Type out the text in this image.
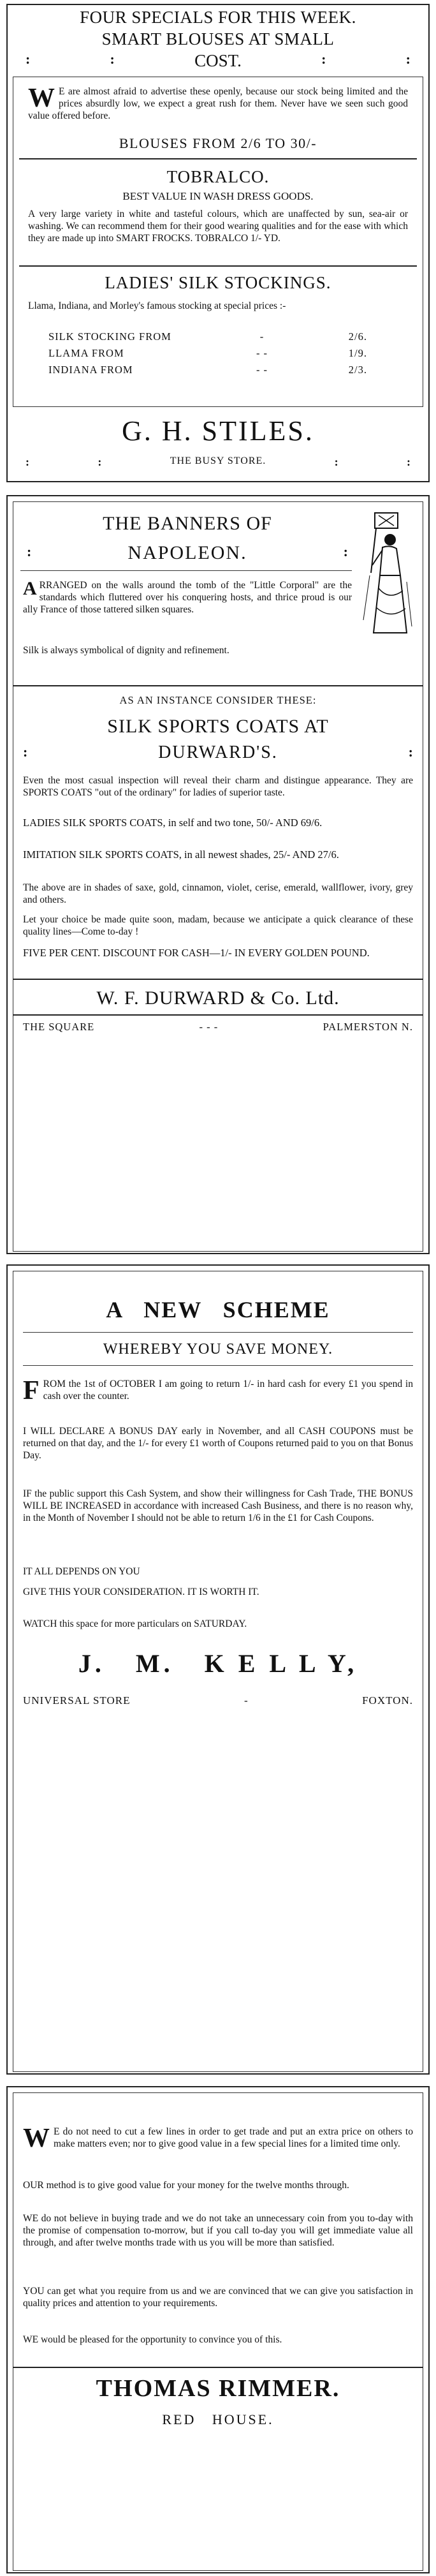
FOUR SPECIALS FOR THIS WEEK.
SMART BLOUSES AT SMALL
:	:	COST.	:	:
W E are almost afraid to advertise these openly, because our stock being limited and the prices absurdly low, we expect a great rush for them. Never have we seen such good value offered before.
BLOUSES FROM 2/6 TO 30/-
TOBRALCO.
BEST VALUE IN WASH DRESS GOODS.
A very large variety in white and tasteful colours, which are unaffected by sun, sea-air or washing. We can recommend them for their good wearing qualities and for the ease with which they are made up into SMART FROCKS. TOBRALCO 1/- YD.
LADIES' SILK STOCKINGS.
Llama, Indiana, and Morley's famous stocking at special prices :-
SILK STOCKING FROM	-	2/6.
LLAMA FROM	- -	1/9.
INDIANA FROM	- -	2/3.
G. H. STILES.
:	:	THE BUSY STORE.	:	:
THE BANNERS OF
NAPOLEON.
:	:
ARRANGED on the walls around the tomb of the "Little Corporal" are the standards which fluttered over his conquering hosts, and thrice proud is our ally France of those tattered silken squares.
Silk is always symbolical of dignity and refinement.
AS AN INSTANCE CONSIDER THESE:
SILK SPORTS COATS AT
DURWARD'S.
:	:
Even the most casual inspection will reveal their charm and distingue appearance. They are SPORTS COATS "out of the ordinary" for ladies of superior taste.
LADIES SILK SPORTS COATS, in self and two tone, 50/- AND 69/6.
IMITATION SILK SPORTS COATS, in all newest shades, 25/- AND 27/6.
The above are in shades of saxe, gold, cinnamon, violet, cerise, emerald, wallflower, ivory, grey and others.
Let your choice be made quite soon, madam, because we anticipate a quick clearance of these quality lines—Come to-day !
FIVE PER CENT. DISCOUNT FOR CASH—1/- IN EVERY GOLDEN POUND.
W. F. DURWARD & Co. Ltd.
THE SQUARE	- - -	PALMERSTON N.
A   NEW   SCHEME
WHEREBY YOU SAVE MONEY.
FROM the 1st of OCTOBER I am going to return 1/- in hard cash for every £1 you spend in cash over the counter.
I WILL DECLARE A BONUS DAY early in November, and all CASH COUPONS must be returned on that day, and the 1/- for every £1 worth of Coupons returned paid to you on that Bonus Day.
IF the public support this Cash System, and show their willingness for Cash Trade, THE BONUS WILL BE INCREASED in accordance with increased Cash Business, and there is no reason why, in the Month of November I should not be able to return 1/6 in the £1 for Cash Coupons.
IT ALL DEPENDS ON YOU
GIVE THIS YOUR CONSIDERATION. IT IS WORTH IT.
WATCH this space for more particulars on SATURDAY.
J.   M.   K E L L Y,
UNIVERSAL STORE	-	FOXTON.
W E do not need to cut a few lines in order to get trade and put an extra price on others to make matters even; nor to give good value in a few special lines for a limited time only.
OUR method is to give good value for your money for the twelve months through.
WE do not believe in buying trade and we do not take an unnecessary coin from you to-day with the promise of compensation to-morrow, but if you call to-day you will get immediate value all through, and after twelve months trade with us you will be more than satisfied.
YOU can get what you require from us and we are convinced that we can give you satisfaction in quality prices and attention to your requirements.
WE would be pleased for the opportunity to convince you of this.
THOMAS RIMMER.
RED   HOUSE.
